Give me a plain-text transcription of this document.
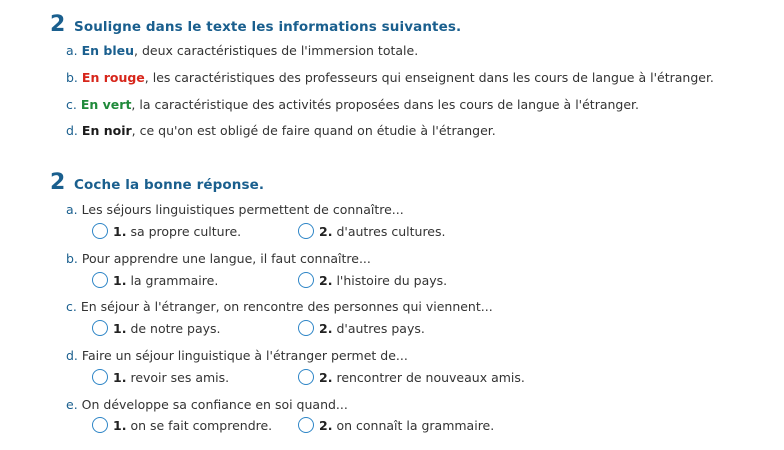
2 Souligne dans le texte les informations suivantes.
a. En bleu, deux caractéristiques de l'immersion totale.
b. En rouge, les caractéristiques des professeurs qui enseignent dans les cours de langue à l'étranger.
c. En vert, la caractéristique des activités proposées dans les cours de langue à l'étranger.
d. En noir, ce qu'on est obligé de faire quand on étudie à l'étranger.
2 Coche la bonne réponse.
a. Les séjours linguistiques permettent de connaître...
1. sa propre culture.	2. d'autres cultures.
b. Pour apprendre une langue, il faut connaître...
1. la grammaire.	2. l'histoire du pays.
c. En séjour à l'étranger, on rencontre des personnes qui viennent...
1. de notre pays.	2. d'autres pays.
d. Faire un séjour linguistique à l'étranger permet de...
1. revoir ses amis.	2. rencontrer de nouveaux amis.
e. On développe sa confiance en soi quand...
1. on se fait comprendre.	2. on connaît la grammaire.
